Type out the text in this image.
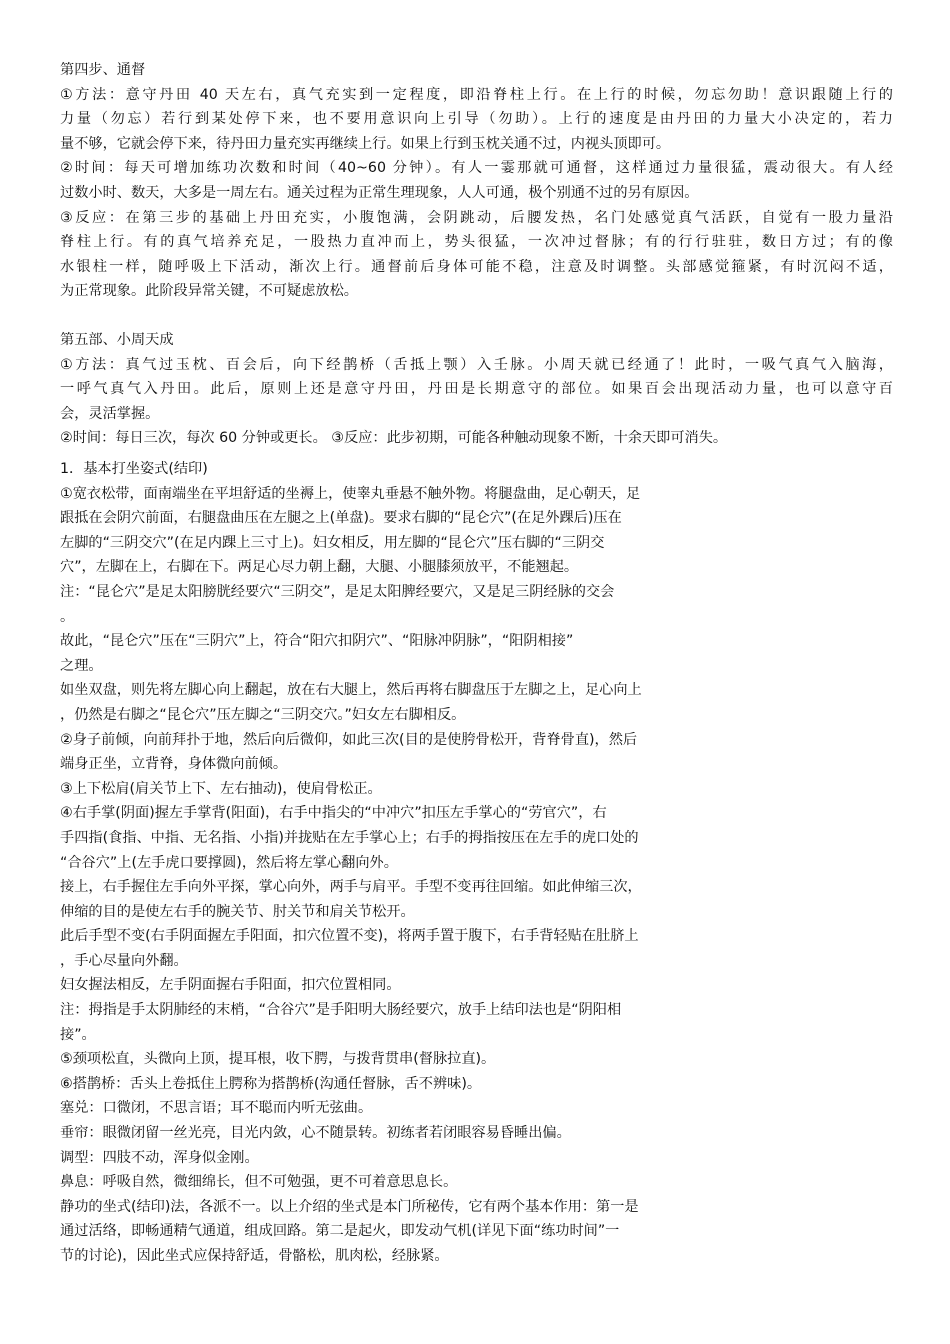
第四步、通督
①方法：意守丹田 40 天左右，真气充实到一定程度，即沿脊柱上行。在上行的时候，勿忘勿助！意识跟随上行的
力量（勿忘）若行到某处停下来，也不要用意识向上引导（勿助）。上行的速度是由丹田的力量大小决定的，若力
量不够，它就会停下来，待丹田力量充实再继续上行。如果上行到玉枕关通不过，内视头顶即可。
②时间：每天可增加练功次数和时间（40~60 分钟）。有人一霎那就可通督，这样通过力量很猛，震动很大。有人经
过数小时、数天，大多是一周左右。通关过程为正常生理现象，人人可通，极个别通不过的另有原因。
③反应：在第三步的基础上丹田充实，小腹饱满，会阴跳动，后腰发热，名门处感觉真气活跃，自觉有一股力量沿
脊柱上行。有的真气培养充足，一股热力直冲而上，势头很猛，一次冲过督脉；有的行行驻驻，数日方过；有的像
水银柱一样，随呼吸上下活动，渐次上行。通督前后身体可能不稳，注意及时调整。头部感觉箍紧，有时沉闷不适，
为正常现象。此阶段异常关键，不可疑虑放松。
第五部、小周天成
①方法：真气过玉枕、百会后，向下经鹊桥（舌抵上颚）入壬脉。小周天就已经通了！此时，一吸气真气入脑海，
一呼气真气入丹田。此后，原则上还是意守丹田，丹田是长期意守的部位。如果百会出现活动力量，也可以意守百
会，灵活掌握。
②时间：每日三次，每次 60 分钟或更长。 ③反应：此步初期，可能各种触动现象不断，十余天即可消失。
1．基本打坐姿式(结印)
①宽衣松带，面南端坐在平坦舒适的坐褥上，使睾丸垂悬不触外物。将腿盘曲，足心朝天，足
跟抵在会阴穴前面，右腿盘曲压在左腿之上(单盘)。要求右脚的“昆仑穴”(在足外踝后)压在
左脚的“三阴交穴”(在足内踝上三寸上)。妇女相反，用左脚的“昆仑穴”压右脚的“三阴交
穴”，左脚在上，右脚在下。两足心尽力朝上翻，大腿、小腿膝须放平，不能翘起。
注：“昆仑穴”是足太阳膀胱经要穴“三阴交”，是足太阳脾经要穴，又是足三阴经脉的交会
。
故此，“昆仑穴”压在“三阴穴”上，符合“阳穴扣阴穴”、“阳脉冲阴脉”，“阳阴相接”
之理。
如坐双盘，则先将左脚心向上翻起，放在右大腿上，然后再将右脚盘压于左脚之上，足心向上
，仍然是右脚之“昆仑穴”压左脚之“三阴交穴。”妇女左右脚相反。
②身子前倾，向前拜扑于地，然后向后微仰，如此三次(目的是使胯骨松开，背脊骨直)，然后
端身正坐，立背脊，身体微向前倾。
③上下松肩(肩关节上下、左右抽动)，使肩骨松正。
④右手掌(阴面)握左手掌背(阳面)，右手中指尖的“中冲穴”扣压左手掌心的“劳官穴”，右
手四指(食指、中指、无名指、小指)并拢贴在左手掌心上；右手的拇指按压在左手的虎口处的
“合谷穴”上(左手虎口要撑圆)，然后将左掌心翻向外。
接上，右手握住左手向外平探，掌心向外，两手与肩平。手型不变再往回缩。如此伸缩三次，
伸缩的目的是使左右手的腕关节、肘关节和肩关节松开。
此后手型不变(右手阴面握左手阳面，扣穴位置不变)，将两手置于腹下，右手背轻贴在肚脐上
，手心尽量向外翻。
妇女握法相反，左手阴面握右手阳面，扣穴位置相同。
注：拇指是手太阴肺经的末梢，“合谷穴”是手阳明大肠经要穴，放手上结印法也是“阴阳相
接”。
⑤颈项松直，头微向上顶，提耳根，收下腭，与拨背贯串(督脉拉直)。
⑥搭鹊桥：舌头上卷抵住上腭称为搭鹊桥(沟通任督脉，舌不辨味)。
塞兑：口微闭，不思言语；耳不聪而内听无弦曲。
垂帘：眼微闭留一丝光亮，目光内敛，心不随景转。初练者若闭眼容易昏睡出偏。
调型：四肢不动，浑身似金刚。
鼻息：呼吸自然，微细绵长，但不可勉强，更不可着意思息长。
静功的坐式(结印)法，各派不一。以上介绍的坐式是本门所秘传，它有两个基本作用：第一是
通过活络，即畅通精气通道，组成回路。第二是起火，即发动气机(详见下面“练功时间”一
节的讨论)，因此坐式应保持舒适，骨骼松，肌肉松，经脉紧。
